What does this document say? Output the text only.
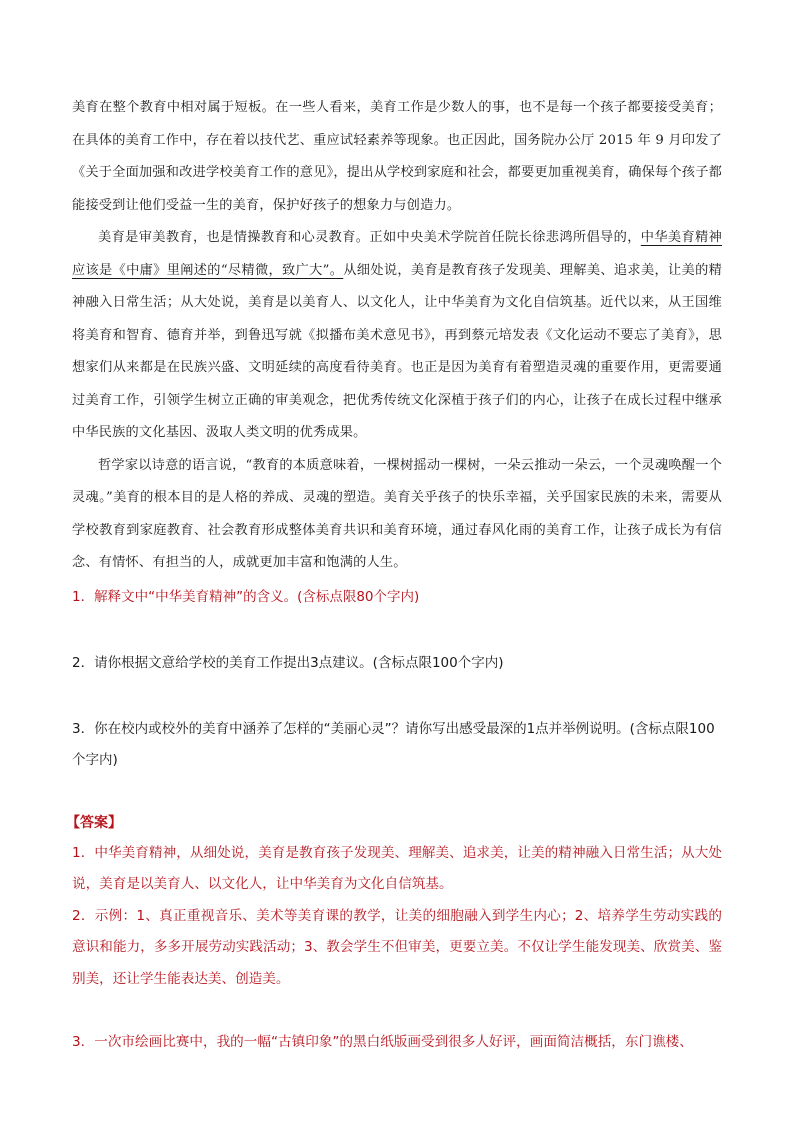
美育在整个教育中相对属于短板。在一些人看来，美育工作是少数人的事，也不是每一个孩子都要接受美育；在具体的美育工作中，存在着以技代艺、重应试轻素养等现象。也正因此，国务院办公厅 2015 年 9 月印发了《关于全面加强和改进学校美育工作的意见》，提出从学校到家庭和社会，都要更加重视美育，确保每个孩子都能接受到让他们受益一生的美育，保护好孩子的想象力与创造力。

美育是审美教育，也是情操教育和心灵教育。正如中央美术学院首任院长徐悲鸿所倡导的，中华美育精神应该是《中庸》里阐述的“尽精微，致广大”。从细处说，美育是教育孩子发现美、理解美、追求美，让美的精神融入日常生活；从大处说，美育是以美育人、以文化人，让中华美育为文化自信筑基。近代以来，从王国维将美育和智育、德育并举，到鲁迅写就《拟播布美术意见书》，再到蔡元培发表《文化运动不要忘了美育》，思想家们从来都是在民族兴盛、文明延续的高度看待美育。也正是因为美育有着塑造灵魂的重要作用，更需要通过美育工作，引领学生树立正确的审美观念，把优秀传统文化深植于孩子们的内心，让孩子在成长过程中继承中华民族的文化基因、汲取人类文明的优秀成果。

哲学家以诗意的语言说，“教育的本质意味着，一棵树摇动一棵树，一朵云推动一朵云，一个灵魂唤醒一个灵魂。”美育的根本目的是人格的养成、灵魂的塑造。美育关乎孩子的快乐幸福，关乎国家民族的未来，需要从学校教育到家庭教育、社会教育形成整体美育共识和美育环境，通过春风化雨的美育工作，让孩子成长为有信念、有情怀、有担当的人，成就更加丰富和饱满的人生。

1．解释文中“中华美育精神”的含义。(含标点限80个字内)

2．请你根据文意给学校的美育工作提出3点建议。(含标点限100个字内)

3．你在校内或校外的美育中涵养了怎样的“美丽心灵”？请你写出感受最深的1点并举例说明。(含标点限100个字内)

【答案】

1．中华美育精神，从细处说，美育是教育孩子发现美、理解美、追求美，让美的精神融入日常生活；从大处说，美育是以美育人、以文化人，让中华美育为文化自信筑基。

2．示例：1、真正重视音乐、美术等美育课的教学，让美的细胞融入到学生内心；2、培养学生劳动实践的意识和能力，多多开展劳动实践活动；3、教会学生不但审美，更要立美。不仅让学生能发现美、欣赏美、鉴别美，还让学生能表达美、创造美。

3．一次市绘画比赛中，我的一幅“古镇印象”的黑白纸版画受到很多人好评，画面简洁概括，东门谯楼、
